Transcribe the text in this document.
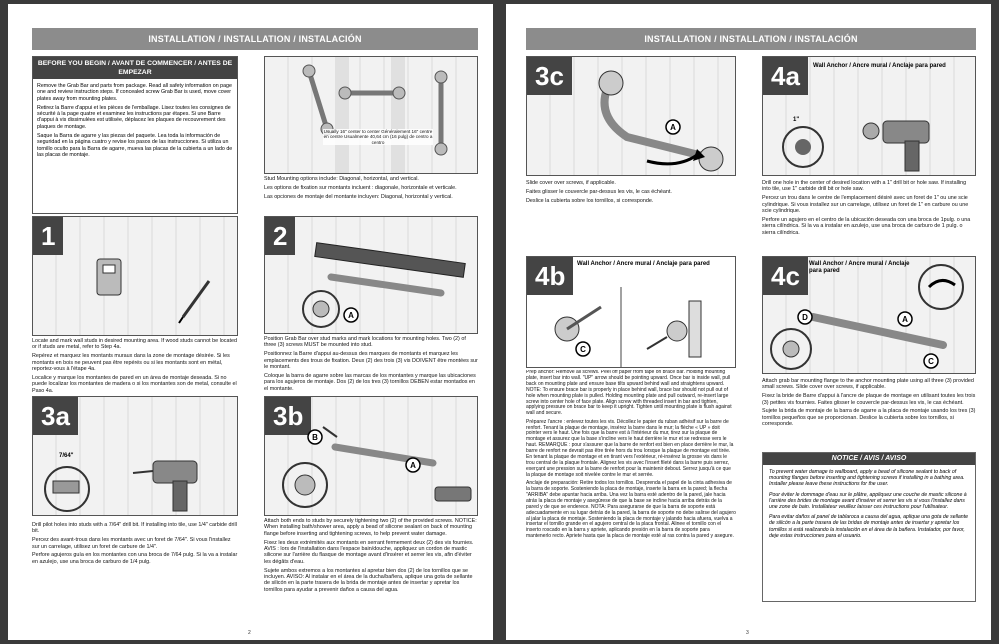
INSTALLATION / INSTALLATION / INSTALACIÓN
BEFORE YOU BEGIN / AVANT DE COMMENCER / ANTES DE EMPEZAR

Remove the Grab Bar and parts from package. Read all safety information on page one and review instruction steps. If concealed screw Grab Bar is used, move cover plates away from mounting plates.

Retirez la Barre d'appui et les pièces de l'emballage. Lisez toutes les consignes de sécurité à la page quatre et examinez les instructions par étapes. Si une Barre d'appui à vis dissimulées est utilisée, déplacez les plaques de recouvrement des plaques de montage.

Saque la Barra de agarre y las piezas del paquete. Lea toda la información de seguridad en la página cuatro y revise los pasos de las instrucciones. Si utiliza un tornillo oculto para la Barra de agarre, mueva las placas de la cubierta a un lado de las placas de montaje.

Usually 16" center to center Généralement 16" centre en centre Usualmente 40,64 cm (16 pulg) de centro a centro

Stud Mounting options include: Diagonal, horizontal, and vertical.

Les options de fixation sur montants incluent : diagonale, horizontale et verticale.

Las opciones de montaje del montante incluyen: Diagonal, horizontal y vertical.

1

Locate and mark wall studs in desired mounting area. If wood studs cannot be located or if studs are metal, refer to Step 4a.

Repérez et marquez les montants muraux dans la zone de montage désirée. Si les montants en bois ne peuvent pas être repérés ou si les montants sont en métal, reportez-vous à l'étape 4a.

Localice y marque los montantes de pared en un área de montaje deseada. Si no puede localizar los montantes de madera o si los montantes son de metal, consulte el Paso 4a.

2
A

Position Grab Bar over stud marks and mark locations for mounting holes. Two (2) of three (3) screws MUST be mounted into stud.

Positionnez la Barre d'appui au-dessus des marques de montants et marquez les emplacements des trous de fixation. Deux (2) des trois (3) vis DOIVENT être montées sur le montant.

Coloque la barra de agarre sobre las marcas de los montantes y marque las ubicaciones para los agujeros de montaje. Dos (2) de los tres (3) tornillos DEBEN estar montados en el montante.

3a
7/64"

Drill pilot holes into studs with a 7/64" drill bit. If installing into tile, use 1/4" carbide drill bit.

Percez des avant-trous dans les montants avec un foret de 7/64". Si vous l'installez sur un carrelage, utilisez un foret de carbure de 1/4".

Perfore agujeros guía en los montantes con una broca de 7/64 pulg. Si la va a instalar en azulejo, use una broca de carburo de 1/4 pulg.

3b
B
A

Attach both ends to studs by securely tightening two (2) of the provided screws. NOTICE: When installing bath/shower area, apply a bead of silicone sealant on back of mounting flange before inserting and tightening screws, to help prevent water damage.

Fixez les deux extrémités aux montants en serrant fermement deux (2) des vis fournies. AVIS : lors de l'installation dans l'espace bain/douche, appliquez un cordon de mastic silicone sur l'arrière du flasque de montage avant d'insérer et serrer les vis, afin d'éviter les dégâts d'eau.

Sujete ambos extremos a los montantes al apretar bien dos (2) de los tornillos que se incluyen. AVISO: Al instalar en el área de la ducha/bañera, aplique una gota de sellante de silicón en la parte trasera de la brida de montaje antes de insertar y apretar los tornillos para ayudar a prevenir daños a causa del agua.

2
INSTALLATION / INSTALLATION / INSTALACIÓN
3c
A

Slide cover over screws, if applicable.

Faites glisser le couvercle par-dessus les vis, le cas échéant.

Deslice la cubierta sobre los tornillos, si corresponde.

4a	Wall Anchor / Ancre mural / Anclaje para pared
1"

Drill one hole in the center of desired location with a 1" drill bit or hole saw. If installing into tile, use 1" carbide drill bit or hole saw.

Percez un trou dans le centre de l'emplacement désiré avec un foret de 1" ou une scie cylindrique. Si vous installez sur un carrelage, utilisez un foret de 1" en carbure ou une scie cylindrique.

Perfore un agujero en el centro de la ubicación deseada con una broca de 1pulg. o una sierra cilíndrica. Si la va a instalar en azulejo, use una broca de carburo de 1 pulg. o sierra cilíndrica.

4b	Wall Anchor / Ancre mural / Anclaje para pared
C

Prep anchor: Remove all screws. Peel off paper from tape on brace bar. Holding mounting plate, insert bar into wall. "UP" arrow should be pointing upward. Once bar is inside wall, pull back on mounting plate and ensure base tilts upward behind wall and straightens upward. NOTE: To ensure brace bar is properly in place behind wall, brace bar should not pull out of hole when mounting plate is pulled. Holding mounting plate and pull outward, re-insert large screw into center hole of face plate. Align screw with threaded insert in bar and tighten, applying pressure on brace bar to keep it upright. Tighten until mounting plate is flush against wall and secure.

Préparez l'ancre : enlevez toutes les vis. Décollez le papier du ruban adhésif sur la barre de renfort. Tenant la plaque de montage, insérez la barre dans le mur; la flèche « UP » doit pointer vers le haut. Une fois que la barre est à l'intérieur du mur, tirez sur la plaque de montage et assurez que la base s'incline vers le haut derrière le mur et se redresse vers le haut. REMARQUE : pour s'assurer que la barre de renfort est bien en place derrière le mur, la barre de renfort ne devrait pas être tirée hors du trou lorsque la plaque de montage est tirée. En tenant la plaque de montage et en tirant vers l'extérieur, ré-insérez la grosse vis dans le trou central de la plaque frontale. Alignez les vis avec l'insert fileté dans la barre puis serrez, exerçant une pression sur la barre de renfort pour la maintenir debout. Serrez jusqu'à ce que la plaque de montage soit nivelée contre le mur et serrée.

Anclaje de preparación: Retire todos los tornillos. Desprenda el papel de la cinta adhesiva de la barra de soporte. Sosteniendo la placa de montaje, inserte la barra en la pared; la flecha "ARRIBA" debe apuntar hacia arriba. Una vez la barra esté adentro de la pared, jale hacia atrás la placa de montaje y asegúrese de que la base se incline hacia arriba detrás de la pared y de que se enderece. NOTA: Para asegurarse de que la barra de soporte está adecuadamente en su lugar detrás de la pared, la barra de soporte no debe salirse del agujero al jalar la placa de montaje. Sosteniendo la placa de montaje y jalando hacia afuera, vuelva a insertar el tornillo grande en el agujero central de la placa frontal. Alinee el tornillo con el inserto roscado en la barra y apriete, aplicando presión en la barra de soporte para mantenerlo recto. Apriete hasta que la placa de montaje esté al ras contra la pared y asegure.

4c	Wall Anchor / Ancre mural / Anclaje para pared
D	A
C

Attach grab bar mounting flange to the anchor mounting plate using all three (3) provided small screws. Slide cover over screws, if applicable.

Fixez la bride de Barre d'appui à l'ancre de plaque de montage en utilisant toutes les trois (3) petites vis fournies. Faites glisser le couvercle par-dessus les vis, le cas échéant.

Sujete la brida de montaje de la barra de agarre a la placa de montaje usando los tres (3) tornillos pequeños que se proporcionan. Deslice la cubierta sobre los tornillos, si corresponde.

NOTICE / AVIS / AVISO

To prevent water damage to wallboard, apply a bead of silicone sealant to back of mounting flanges before inserting and tightening screws if installing in a bathing area. Installer please leave these instructions for the user.

Pour éviter le dommage d'eau sur le plâtre, appliquez une couche de mastic silicone à l'arrière des brides de montage avant d'insérer et serrer les vis si vous l'installez dans une zone de bain. Installateur veuillez laisser ces instructions pour l'utilisateur.

Para evitar daños al panel de tablaroca a causa del agua, aplique una gota de sellante de silicón a la parte trasera de las bridas de montaje antes de insertar y apretar los tornillos si está realizando la instalación en el área de la bañera. Instalador, por favor, deje estas instrucciones para el usuario.

3
